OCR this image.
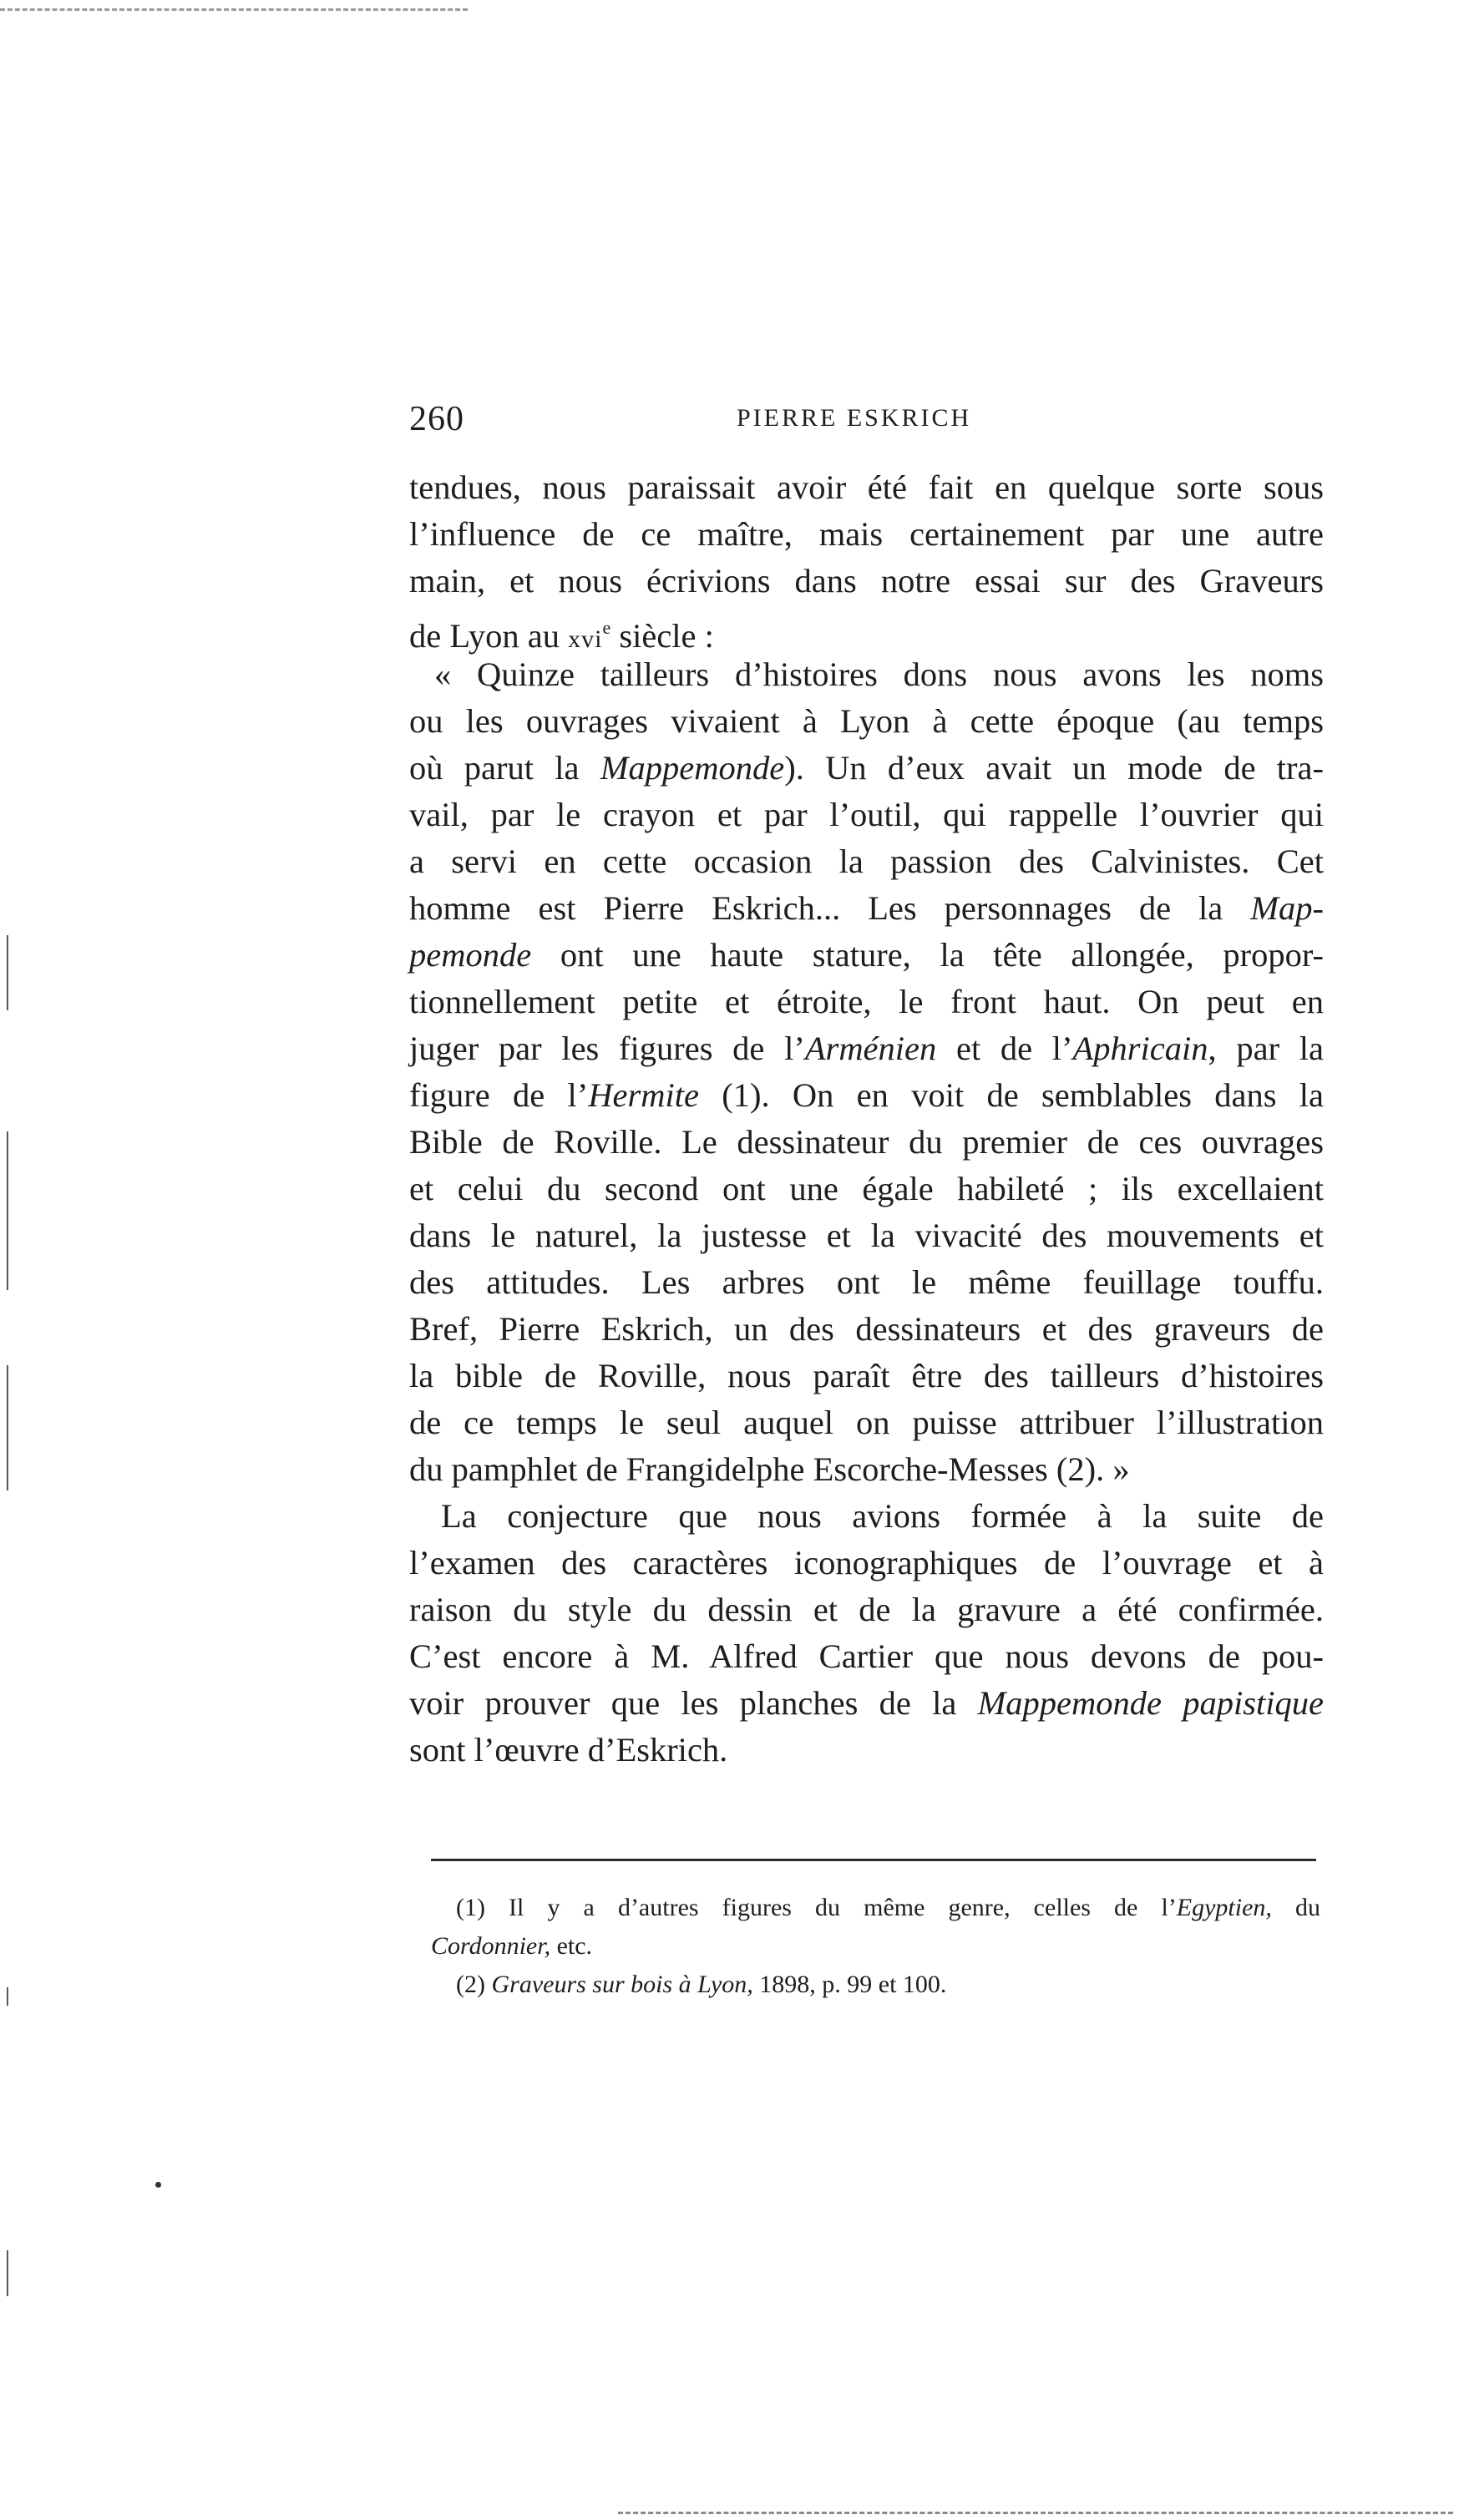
260	PIERRE ESKRICH
tendues, nous paraissait avoir été fait en quelque sorte sous
l’influence de ce maître, mais certainement par une autre
main, et nous écrivions dans notre essai sur des Graveurs
de Lyon au xvi$^e$ siècle :
« Quinze tailleurs d’histoires dons nous avons les noms
ou les ouvrages vivaient à Lyon à cette époque (au temps
où parut la Mappemonde). Un d’eux avait un mode de tra-
vail, par le crayon et par l’outil, qui rappelle l’ouvrier qui
a servi en cette occasion la passion des Calvinistes. Cet
homme est Pierre Eskrich... Les personnages de la Map-
pemonde ont une haute stature, la tête allongée, propor-
tionnellement petite et étroite, le front haut. On peut en
juger par les figures de l’Arménien et de l’Aphricain, par la
figure de l’Hermite (1). On en voit de semblables dans la
Bible de Roville. Le dessinateur du premier de ces ouvrages
et celui du second ont une égale habileté ; ils excellaient
dans le naturel, la justesse et la vivacité des mouvements et
des attitudes. Les arbres ont le même feuillage touffu.
Bref, Pierre Eskrich, un des dessinateurs et des graveurs de
la bible de Roville, nous paraît être des tailleurs d’histoires
de ce temps le seul auquel on puisse attribuer l’illustration
du pamphlet de Frangidelphe Escorche-Messes (2). »
La conjecture que nous avions formée à la suite de
l’examen des caractères iconographiques de l’ouvrage et à
raison du style du dessin et de la gravure a été confirmée.
C’est encore à M. Alfred Cartier que nous devons de pou-
voir prouver que les planches de la Mappemonde papistique
sont l’œuvre d’Eskrich.
(1) Il y a d’autres figures du même genre, celles de l’Egyptien, du
Cordonnier, etc.
(2) Graveurs sur bois à Lyon, 1898, p. 99 et 100.
